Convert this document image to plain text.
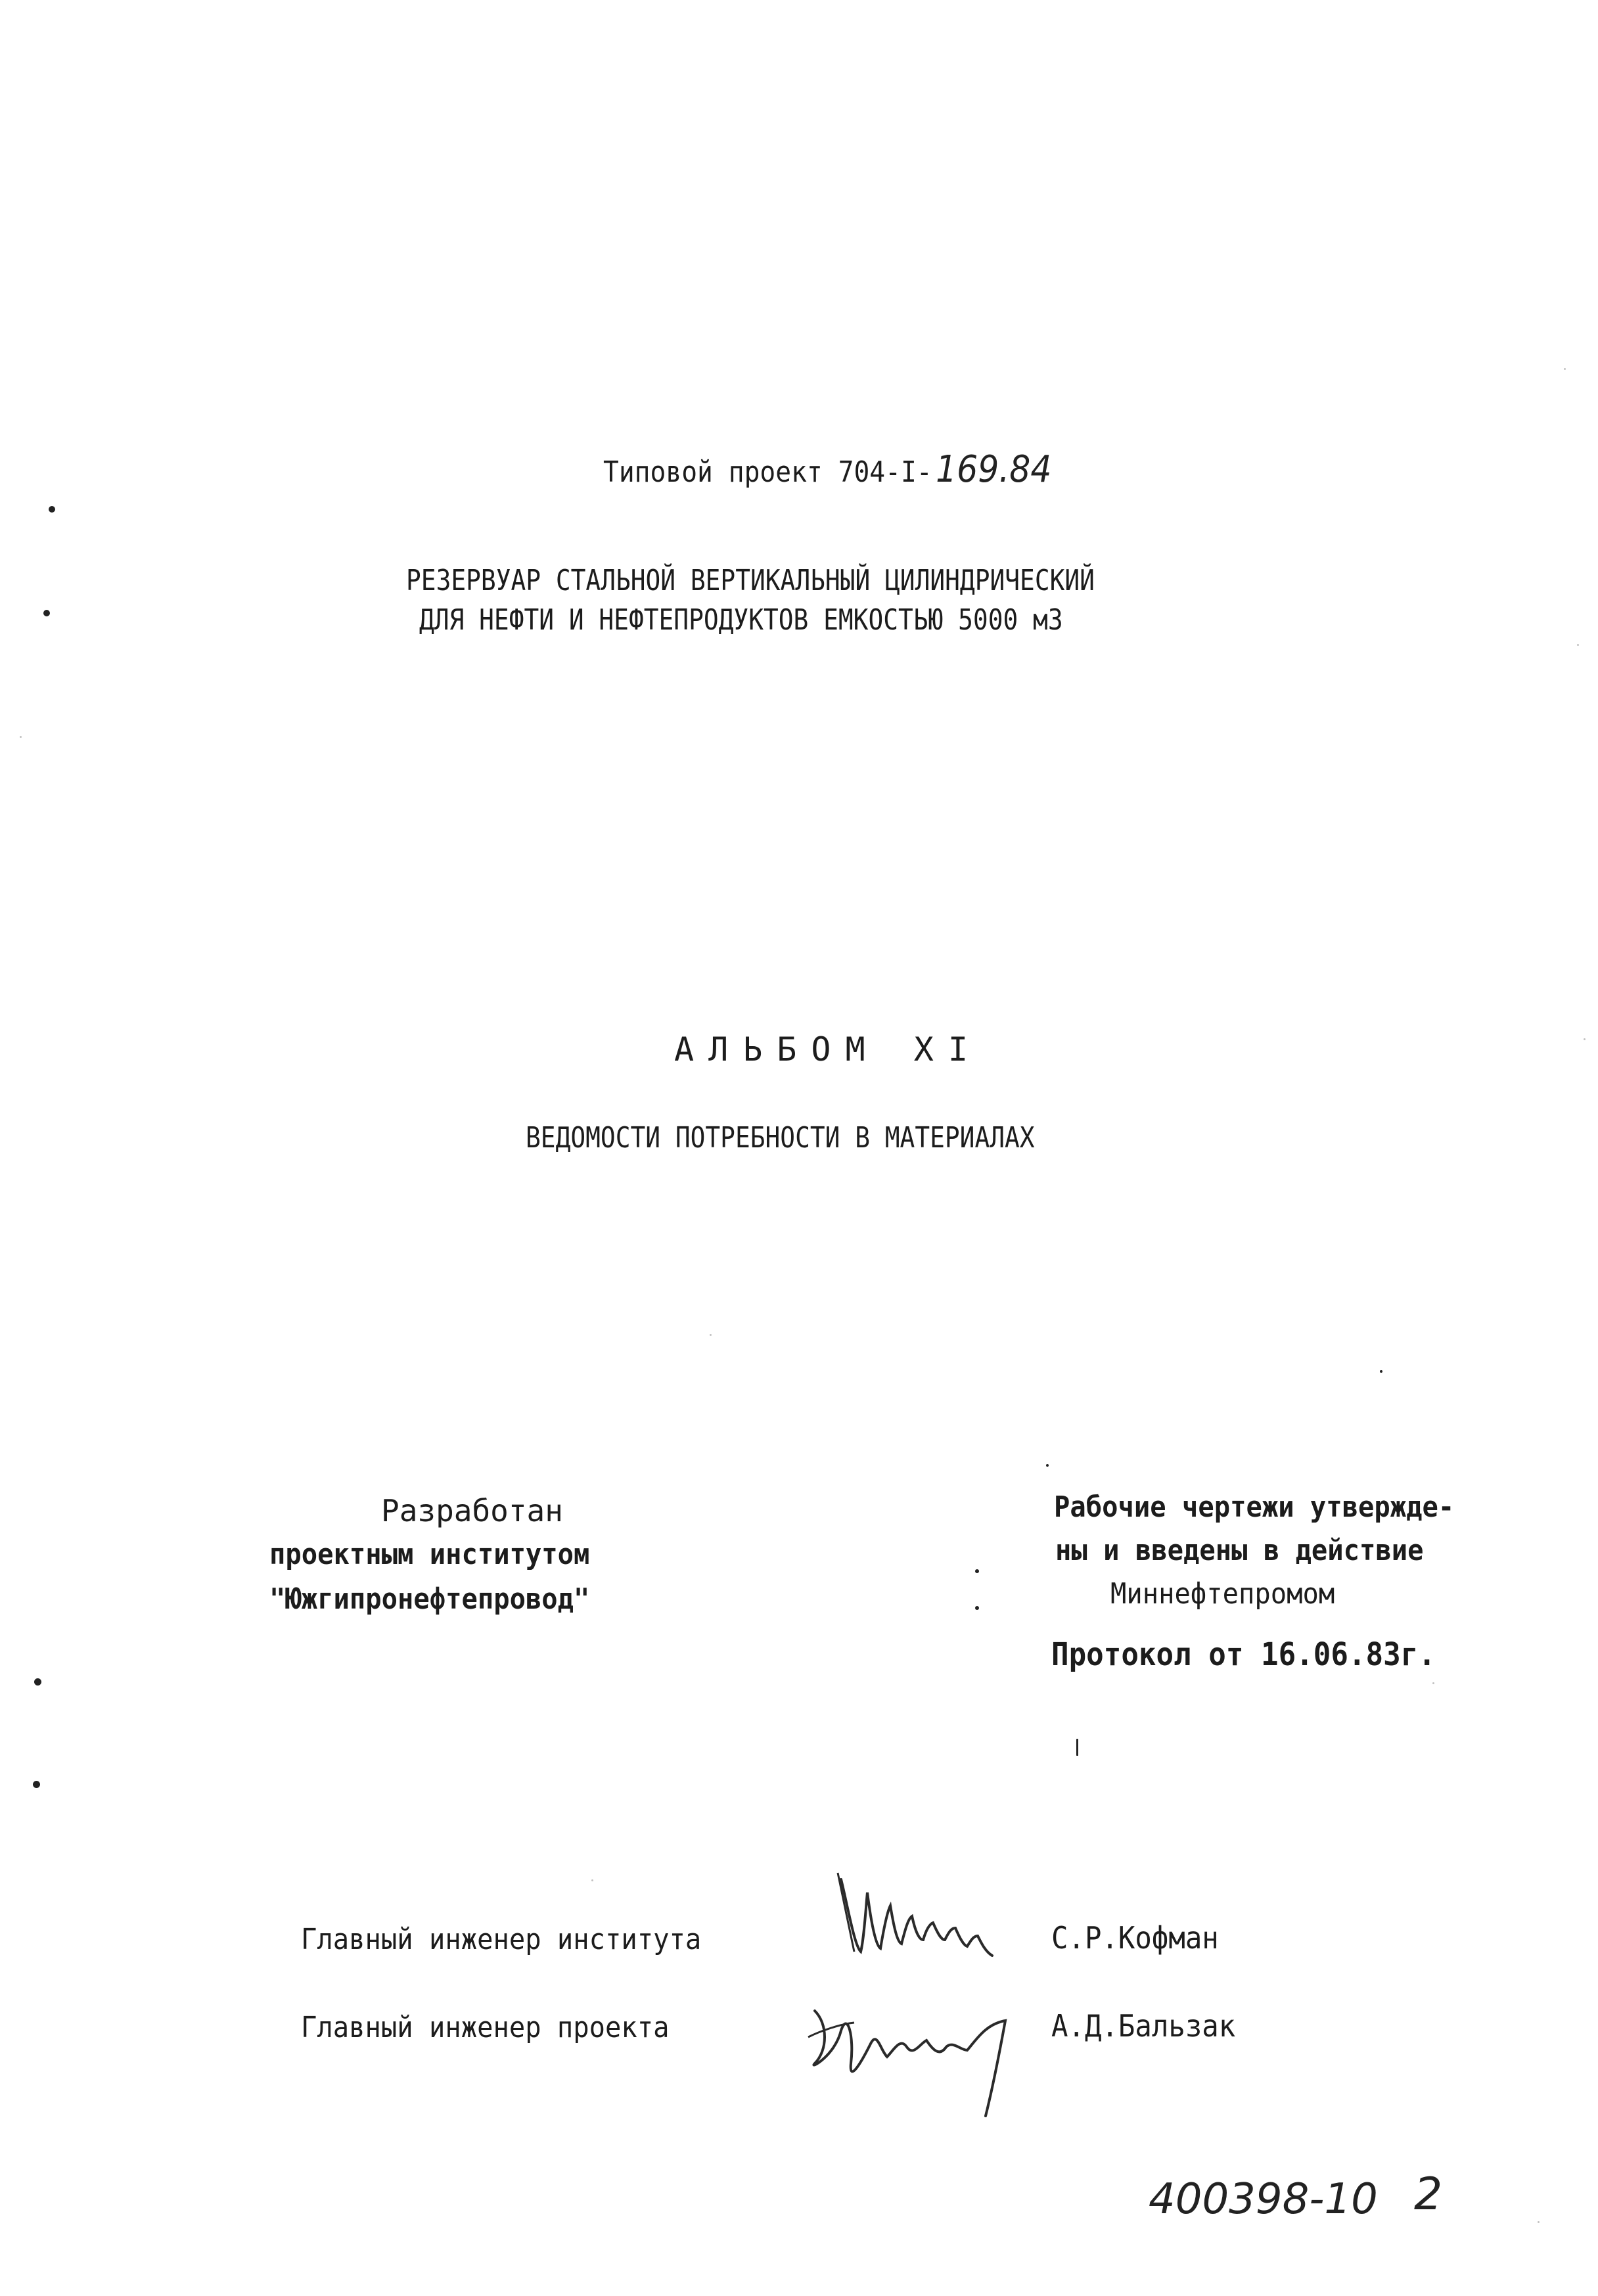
Типовой проект 704-I-169.84
РЕЗЕРВУАР СТАЛЬНОЙ ВЕРТИКАЛЬНЫЙ ЦИЛИНДРИЧЕСКИЙ
ДЛЯ НЕФТИ И НЕФТЕПРОДУКТОВ ЕМКОСТЬЮ 5000 м3
АЛЬБОМ XI
ВЕДОМОСТИ ПОТРЕБНОСТИ В МАТЕРИАЛАХ
Разработан
проектным институтом
"Южгипронефтепровод"
Рабочие чертежи утвержде-
ны и введены в действие
Миннефтепромом
Протокол от 16.06.83г.
Главный инженер института	С.Р.Кофман
Главный инженер проекта	А.Д.Бальзак
400398-10 2
